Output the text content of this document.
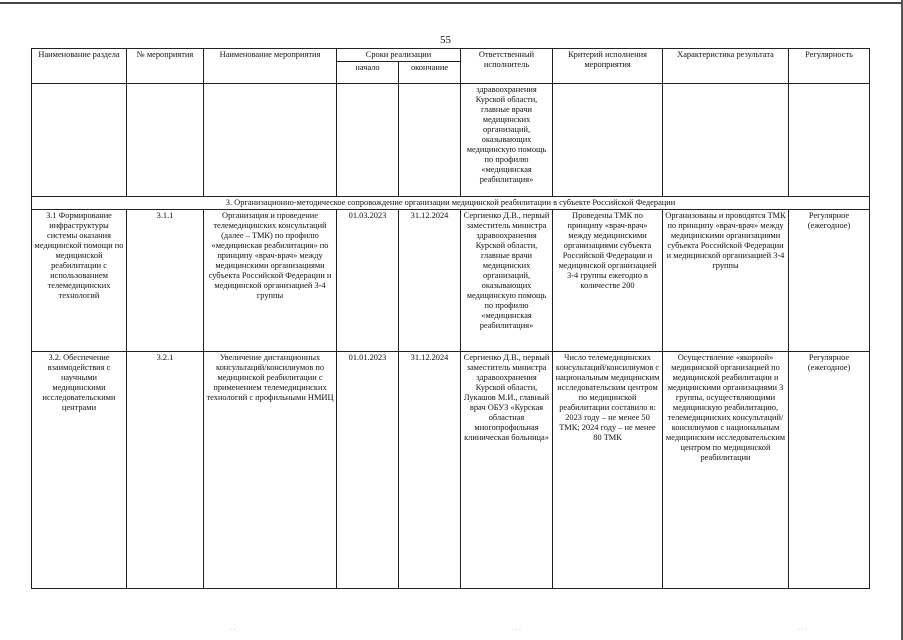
55
Наименование раздела	№ мероприятия	Наименование мероприятия	Сроки реализации		Ответственный исполнитель	Критерий исполнения мероприятия	Характеристика результата	Регулярность
			начало	окончание				
					здравоохранения Курской области, главные врачи медицинских организаций, оказывающих медицинскую помощь по профилю «медицинская реабилитация»			
3. Организационно-методическое сопровождение организации медицинской реабилитации в субъекте Российской Федерации								
3.1 Формирование инфраструктуры системы оказания медицинской помощи по медицинской реабилитации с использованием телемедицинских технологий	3.1.1	Организация и проведение телемедицинских консультаций (далее – ТМК) по профилю «медицинская реабилитация» по принципу «врач-врач» между медицинскими организациями субъекта Российской Федерации и медицинской организацией 3-4 группы	01.03.2023	31.12.2024	Сергиенко Д.В., первый заместитель министра здравоохранения Курской области, главные врачи медицинских организаций, оказывающих медицинскую помощь по профилю «медицинская реабилитация»	Проведены ТМК по принципу «врач-врач» между медицинскими организациями субъекта Российской Федерации и медицинской организацией 3-4 группы ежегодно в количестве 200	Организованы и проводятся ТМК по принципу «врач-врач» между медицинскими организациями субъекта Российской Федерации и медицинской организацией 3-4 группы	Регулярное (ежегодное)
3.2. Обеспечение взаимодействия с научными медицинскими исследовательскими центрами	3.2.1	Увеличение дистанционных консультаций/консилиумов по медицинской реабилитации с применением телемедицинских технологий с профильными НМИЦ	01.01.2023	31.12.2024	Сергиенко Д.В., первый заместитель министра здравоохранения Курской области, Лукашов М.И., главный врач ОБУЗ «Курская областная многопрофильная клиническая больница»	Число телемедицинских консультаций/консилиумов с национальным медицинским исследовательским центром по медицинской реабилитации составило в: 2023 году – не менее 50 ТМК; 2024 году – не менее 80 ТМК	Осуществление «якорной» медицинской организацией по медицинской реабилитации и медицинскими организациями 3 группы, осуществляющими медицинскую реабилитацию, телемедицинских консультаций/консилиумов с национальным медицинским исследовательским центром по медицинской реабилитации	Регулярное (ежегодное)
· ·	· · ·	· · ·
